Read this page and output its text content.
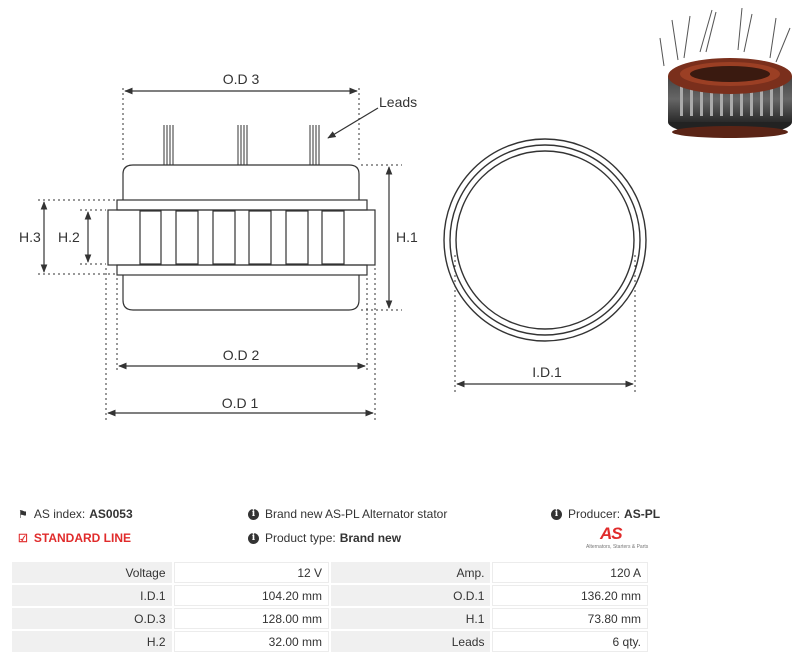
O.D 3
O.D 2
O.D 1
H.3 H.2	H.1
I.D.1
Leads
⚑ AS index: AS0053
☑ STANDARD LINE
i Brand new AS-PL Alternator stator
i Product type: Brand new
i Producer: AS-PL
AS
Alternators, Starters & Parts
Voltage	12 V	Amp.	120 A
I.D.1	104.20 mm	O.D.1	136.20 mm
O.D.3	128.00 mm	H.1	73.80 mm
H.2	32.00 mm	Leads	6 qty.
